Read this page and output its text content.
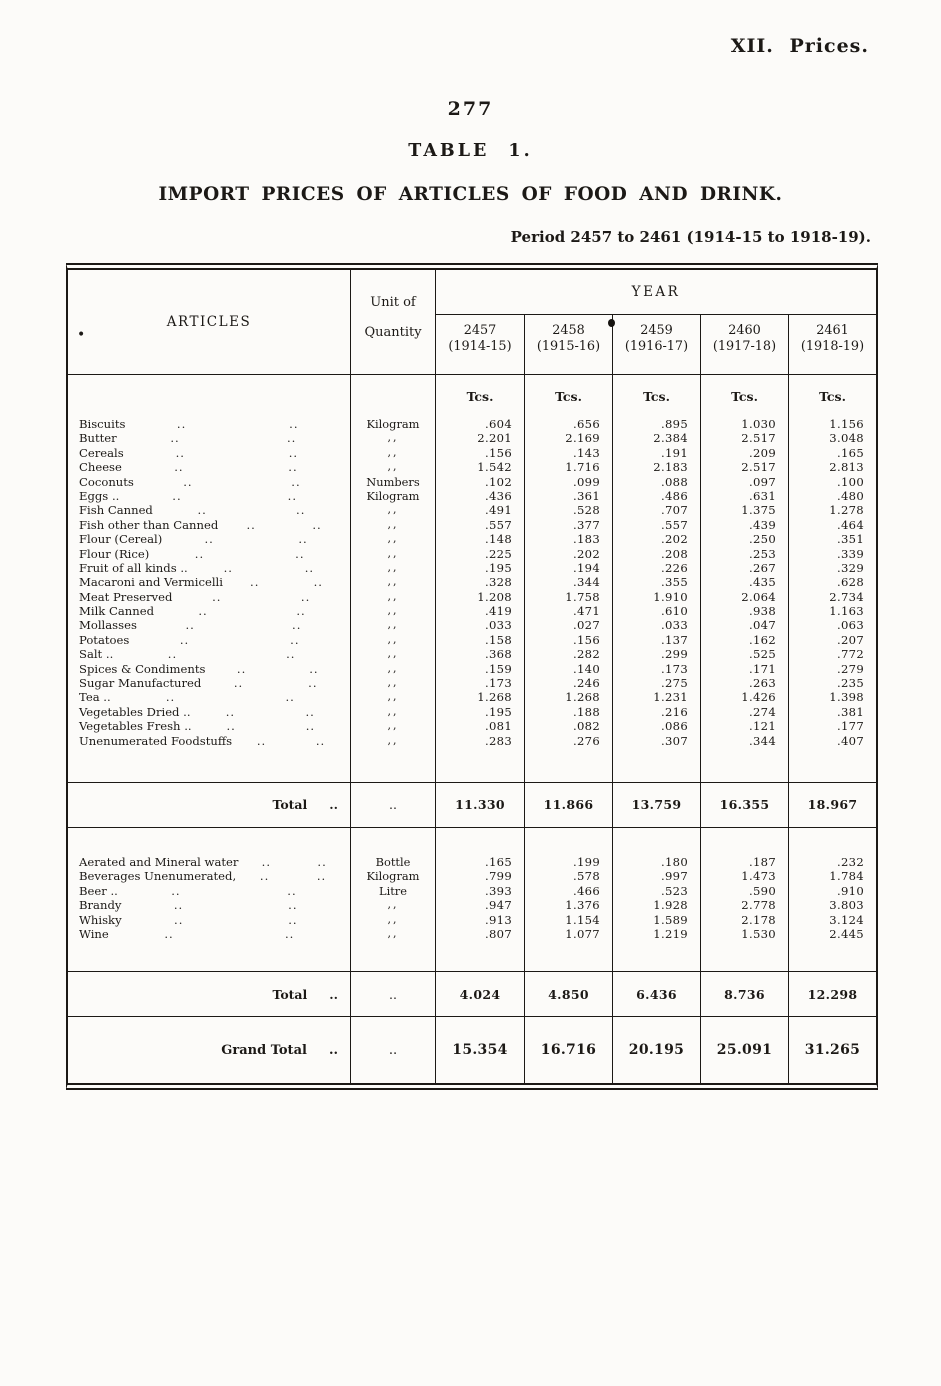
XII. Prices.
277
TABLE 1.
IMPORT PRICES OF ARTICLES OF FOOD AND DRINK.
Period 2457 to 2461 (1914-15 to 1918-19).
•
ARTICLES
Unit of
Quantity
YEAR
2457
(1914-15)
2458
(1915-16)
2459
(1916-17)
2460
(1917-18)
2461
(1918-19)
Tcs.	Tcs.	Tcs.	Tcs.	Tcs.
Biscuits	..	..	Kilogram	.604	.656	.895	1.030	1.156
Butter	..	..	,,	2.201	2.169	2.384	2.517	3.048
Cereals	..	..	,,	.156	.143	.191	.209	.165
Cheese	..	..	,,	1.542	1.716	2.183	2.517	2.813
Coconuts	..	..	Numbers	.102	.099	.088	.097	.100
Eggs ..	..	..	Kilogram	.436	.361	.486	.631	.480
Fish Canned	..	..	,,	.491	.528	.707	1.375	1.278
Fish other than Canned	..	..	,,	.557	.377	.557	.439	.464
Flour (Cereal)	..	..	,,	.148	.183	.202	.250	.351
Flour (Rice)	..	..	,,	.225	.202	.208	.253	.339
Fruit of all kinds ..	..	..	,,	.195	.194	.226	.267	.329
Macaroni and Vermicelli	..	..	,,	.328	.344	.355	.435	.628
Meat Preserved	..	..	,,	1.208	1.758	1.910	2.064	2.734
Milk Canned	..	..	,,	.419	.471	.610	.938	1.163
Mollasses	..	..	,,	.033	.027	.033	.047	.063
Potatoes	..	..	,,	.158	.156	.137	.162	.207
Salt ..	..	..	,,	.368	.282	.299	.525	.772
Spices & Condiments	..	..	,,	.159	.140	.173	.171	.279
Sugar Manufactured	..	..	,,	.173	.246	.275	.263	.235
Tea ..	..	..	,,	1.268	1.268	1.231	1.426	1.398
Vegetables Dried ..	..	..	,,	.195	.188	.216	.274	.381
Vegetables Fresh ..	..	..	,,	.081	.082	.086	.121	.177
Unenumerated Foodstuffs	..	..	,,	.283	.276	.307	.344	.407
Total ..	..	11.330	11.866	13.759	16.355	18.967
Aerated and Mineral water	..	..	Bottle	.165	.199	.180	.187	.232
Beverages Unenumerated,	..	..	Kilogram	.799	.578	.997	1.473	1.784
Beer ..	..	..	Litre	.393	.466	.523	.590	.910
Brandy	..	..	,,	.947	1.376	1.928	2.778	3.803
Whisky	..	..	,,	.913	1.154	1.589	2.178	3.124
Wine	..	..	,,	.807	1.077	1.219	1.530	2.445
Total ..	..	4.024	4.850	6.436	8.736	12.298
Grand Total ..	..	15.354	16.716	20.195	25.091	31.265
